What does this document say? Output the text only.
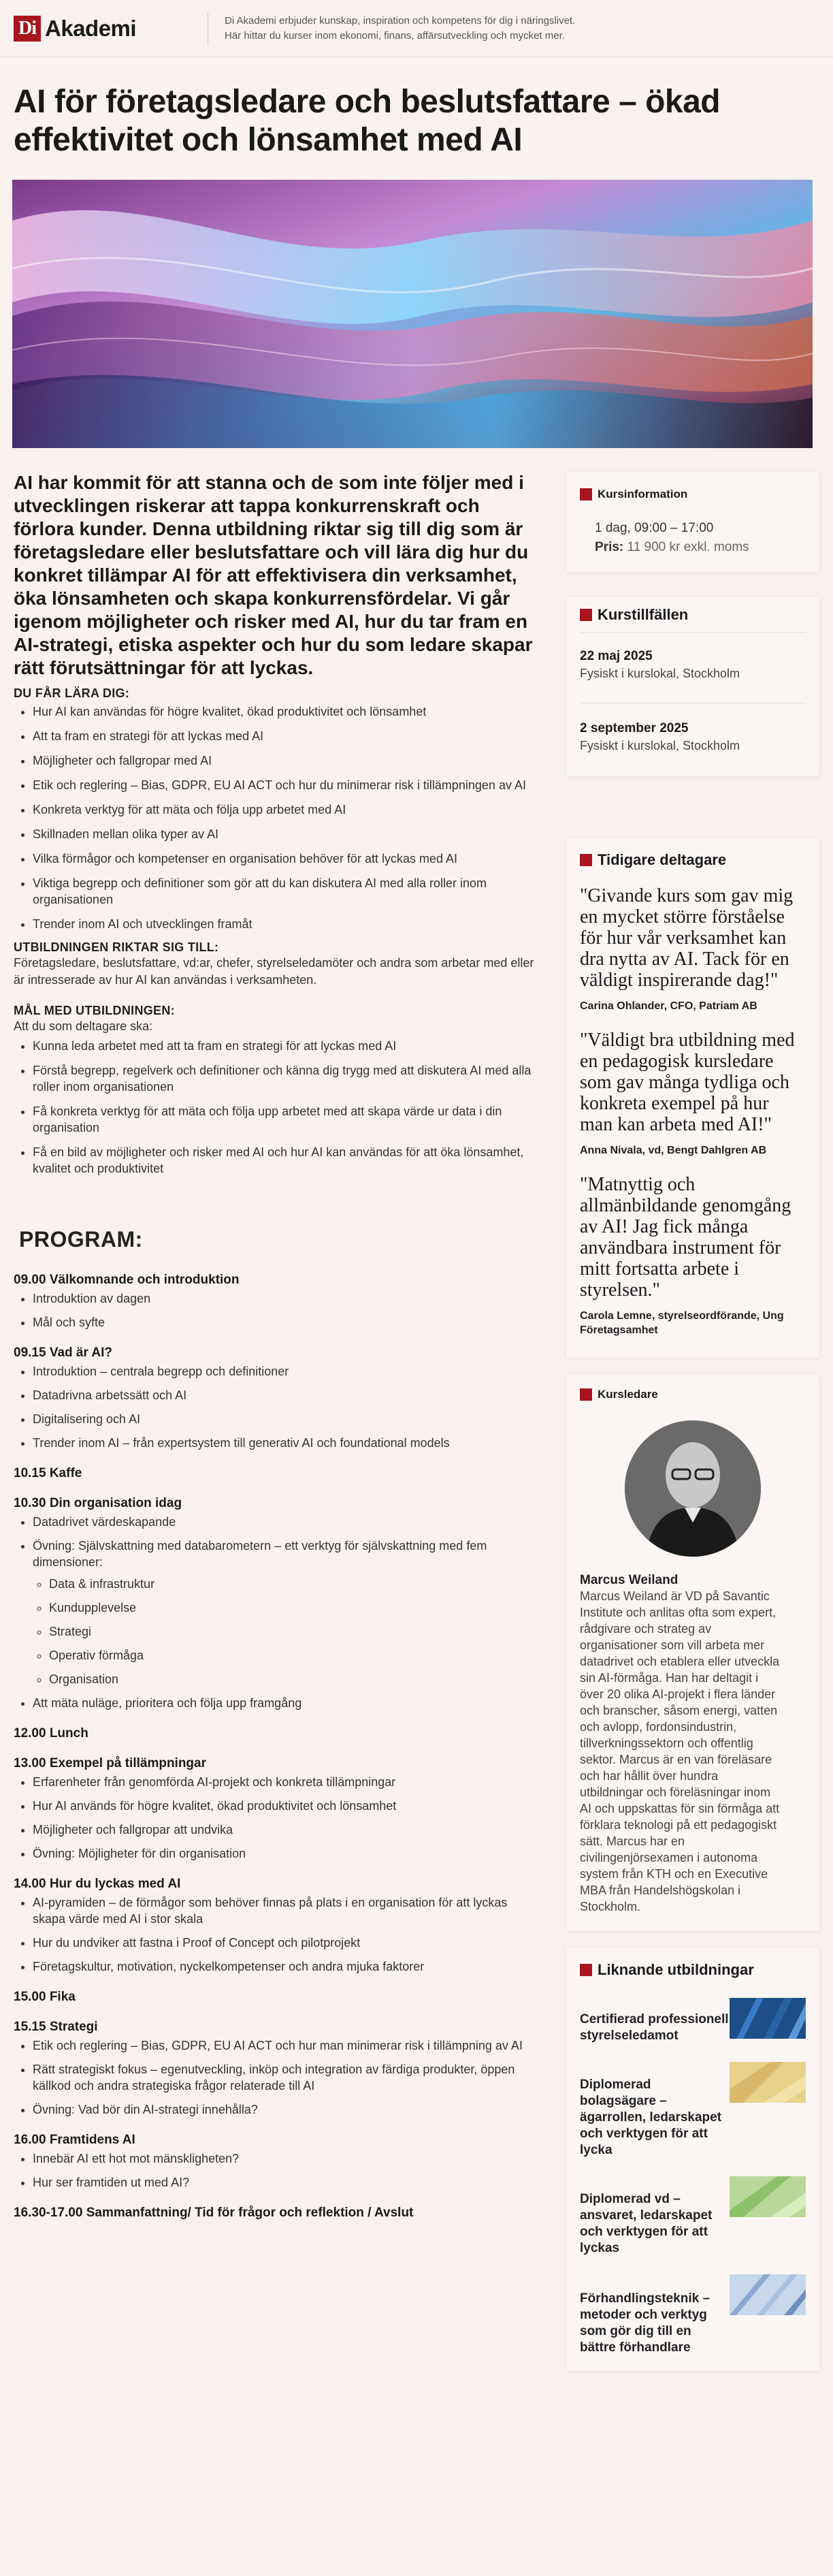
Di Akademi	Di Akademi erbjuder kunskap, inspiration och kompetens för dig i näringslivet.
Här hittar du kurser inom ekonomi, finans, affärsutveckling och mycket mer.
AI för företagsledare och beslutsfattare – ökad effektivitet och lönsamhet med AI

AI har kommit för att stanna och de som inte följer med i utvecklingen riskerar att tappa konkurrenskraft och förlora kunder. Denna utbildning riktar sig till dig som är företagsledare eller beslutsfattare och vill lära dig hur du konkret tillämpar AI för att effektivisera din verksamhet, öka lönsamheten och skapa konkurrensfördelar. Vi går igenom möjligheter och risker med AI, hur du tar fram en AI-strategi, etiska aspekter och hur du som ledare skapar rätt förutsättningar för att lyckas.

DU FÅR LÄRA DIG:
• Hur AI kan användas för högre kvalitet, ökad produktivitet och lönsamhet
• Att ta fram en strategi för att lyckas med AI
• Möjligheter och fallgropar med AI
• Etik och reglering – Bias, GDPR, EU AI ACT och hur du minimerar risk i tillämpningen av AI
• Konkreta verktyg för att mäta och följa upp arbetet med AI
• Skillnaden mellan olika typer av AI
• Vilka förmågor och kompetenser en organisation behöver för att lyckas med AI
• Viktiga begrepp och definitioner som gör att du kan diskutera AI med alla roller inom organisationen
• Trender inom AI och utvecklingen framåt
UTBILDNINGEN RIKTAR SIG TILL:

Företagsledare, beslutsfattare, vd:ar, chefer, styrelseledamöter och andra som arbetar med eller är intresserade av hur AI kan användas i verksamheten.

MÅL MED UTBILDNINGEN:

Att du som deltagare ska:

• Kunna leda arbetet med att ta fram en strategi för att lyckas med AI
• Förstå begrepp, regelverk och definitioner och känna dig trygg med att diskutera AI med alla roller inom organisationen
• Få konkreta verktyg för att mäta och följa upp arbetet med att skapa värde ur data i din organisation
• Få en bild av möjligheter och risker med AI och hur AI kan användas för att öka lönsamhet, kvalitet och produktivitet
PROGRAM:
09.00 Välkomnande och introduktion
• Introduktion av dagen
• Mål och syfte
09.15 Vad är AI?
• Introduktion – centrala begrepp och definitioner
• Datadrivna arbetssätt och AI
• Digitalisering och AI
• Trender inom AI – från expertsystem till generativ AI och foundational models
10.15 Kaffe
10.30 Din organisation idag
• Datadrivet värdeskapande
• Övning: Självskattning med databarometern – ett verktyg för självskattning med fem dimensioner:
◦ Data & infrastruktur
◦ Kundupplevelse
◦ Strategi
◦ Operativ förmåga
◦ Organisation
• Att mäta nuläge, prioritera och följa upp framgång
12.00 Lunch
13.00 Exempel på tillämpningar
• Erfarenheter från genomförda AI-projekt och konkreta tillämpningar
• Hur AI används för högre kvalitet, ökad produktivitet och lönsamhet
• Möjligheter och fallgropar att undvika
• Övning: Möjligheter för din organisation
14.00 Hur du lyckas med AI
• AI-pyramiden – de förmågor som behöver finnas på plats i en organisation för att lyckas skapa värde med AI i stor skala
• Hur du undviker att fastna i Proof of Concept och pilotprojekt
• Företagskultur, motivation, nyckelkompetenser och andra mjuka faktorer
15.00 Fika
15.15 Strategi
• Etik och reglering – Bias, GDPR, EU AI ACT och hur man minimerar risk i tillämpning av AI
• Rätt strategiskt fokus – egenutveckling, inköp och integration av färdiga produkter, öppen källkod och andra strategiska frågor relaterade till AI
• Övning: Vad bör din AI-strategi innehålla?
16.00 Framtidens AI
• Innebär AI ett hot mot mänskligheten?
• Hur ser framtiden ut med AI?
16.30-17.00 Sammanfattning/ Tid för frågor och reflektion / Avslut
Kursinformation
1 dag, 09:00 – 17:00
Pris: 11 900 kr exkl. moms
Kurstillfällen
22 maj 2025
Fysiskt i kurslokal, Stockholm
2 september 2025
Fysiskt i kurslokal, Stockholm
Tidigare deltagare

"Givande kurs som gav mig en mycket större förståelse för hur vår verksamhet kan dra nytta av AI. Tack för en väldigt inspirerande dag!"

Carina Ohlander, CFO, Patriam AB

"Väldigt bra utbildning med en pedagogisk kursledare som gav många tydliga och konkreta exempel på hur man kan arbeta med AI!"

Anna Nivala, vd, Bengt Dahlgren AB

"Matnyttig och allmänbildande genomgång av AI! Jag fick många användbara instrument för mitt fortsatta arbete i styrelsen."

Carola Lemne, styrelseordförande, Ung Företagsamhet

Kursledare
Marcus Weiland

Marcus Weiland är VD på Savantic Institute och anlitas ofta som expert, rådgivare och strateg av organisationer som vill arbeta mer datadrivet och etablera eller utveckla sin AI-förmåga. Han har deltagit i över 20 olika AI-projekt i flera länder och branscher, såsom energi, vatten och avlopp, fordonsindustrin, tillverkningssektorn och offentlig sektor. Marcus är en van föreläsare och har hållit över hundra utbildningar och föreläsningar inom AI och uppskattas för sin förmåga att förklara teknologi på ett pedagogiskt sätt. Marcus har en civilingenjörsexamen i autonoma system från KTH och en Executive MBA från Handelshögskolan i Stockholm.

Liknande utbildningar
Certifierad professionell styrelseledamot
Diplomerad bolagsägare – ägarrollen, ledarskapet och verktygen för att lycka
Diplomerad vd – ansvaret, ledarskapet och verktygen för att lyckas
Förhandlingsteknik – metoder och verktyg som gör dig till en bättre förhandlare
